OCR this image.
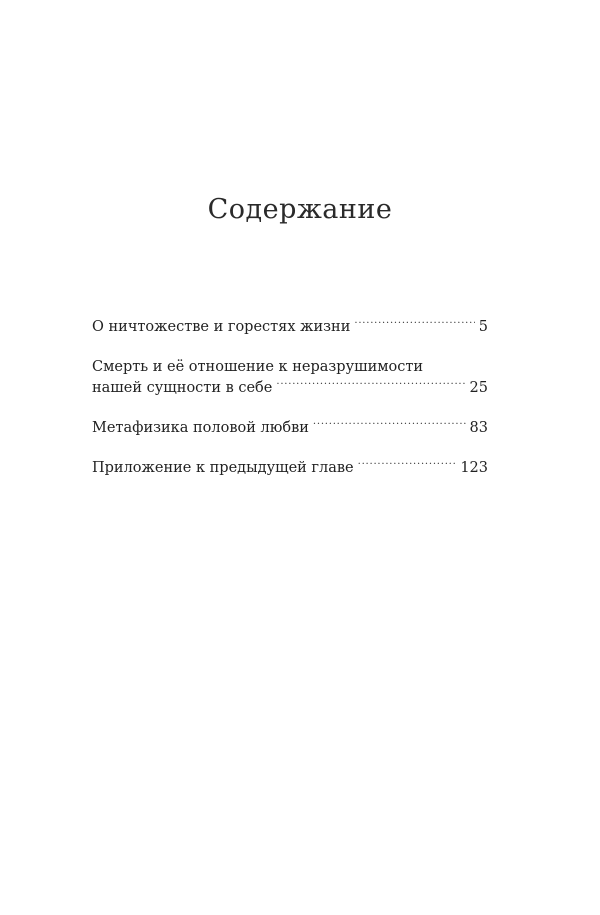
Содержание
О ничтожестве и горестях жизни . . .	5
Смерть и её отношение к неразрушимости
нашей сущности в себе . . .	25
Метафизика половой любви . . .	83
Приложение к предыдущей главе . . .	123
